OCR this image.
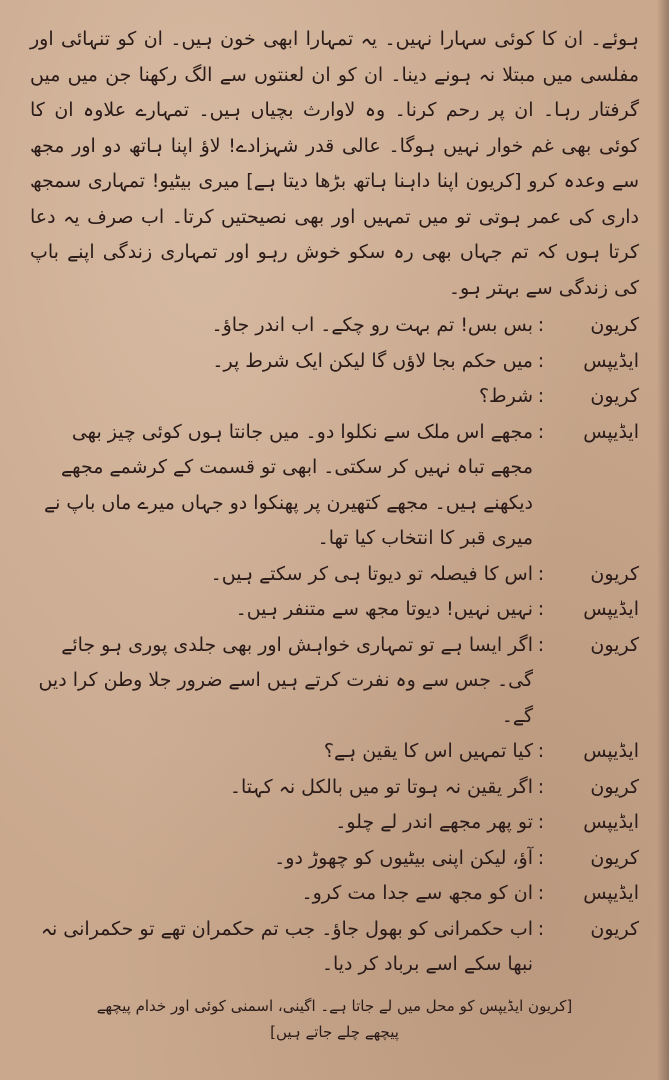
ہوئے۔ ان کا کوئی سہارا نہیں۔ یہ تمہارا ابھی خون ہیں۔ ان کو تنہائی اور مفلسی میں مبتلا نہ ہونے دینا۔ ان کو ان لعنتوں سے الگ رکھنا جن میں میں گرفتار رہا۔ ان پر رحم کرنا۔ وہ لاوارث بچیاں ہیں۔ تمہارے علاوہ ان کا کوئی بھی غم خوار نہیں ہوگا۔ عالی قدر شہزادے! لاؤ اپنا ہاتھ دو اور مجھ سے وعدہ کرو [کریون اپنا داہنا ہاتھ بڑھا دیتا ہے] میری بیٹیو! تمہاری سمجھ داری کی عمر ہوتی تو میں تمہیں اور بھی نصیحتیں کرتا۔ اب صرف یہ دعا کرتا ہوں کہ تم جہاں بھی رہ سکو خوش رہو اور تمہاری زندگی اپنے باپ کی زندگی سے بہتر ہو۔

کریون
:
بس بس! تم بہت رو چکے۔ اب اندر جاؤ۔
ایڈیپس
:
میں حکم بجا لاؤں گا لیکن ایک شرط پر۔
کریون
:
شرط؟
ایڈیپس
:
مجھے اس ملک سے نکلوا دو۔ میں جانتا ہوں کوئی چیز بھی مجھے تباہ نہیں کر سکتی۔ ابھی تو قسمت کے کرشمے مجھے دیکھنے ہیں۔ مجھے کتھیرن پر پھنکوا دو جہاں میرے ماں باپ نے میری قبر کا انتخاب کیا تھا۔
کریون
:
اس کا فیصلہ تو دیوتا ہی کر سکتے ہیں۔
ایڈیپس
:
نہیں نہیں! دیوتا مجھ سے متنفر ہیں۔
کریون
:
اگر ایسا ہے تو تمہاری خواہش اور بھی جلدی پوری ہو جائے گی۔ جس سے وہ نفرت کرتے ہیں اسے ضرور جلا وطن کرا دیں گے۔
ایڈیپس
:
کیا تمہیں اس کا یقین ہے؟
کریون
:
اگر یقین نہ ہوتا تو میں بالکل نہ کہتا۔
ایڈیپس
:
تو پھر مجھے اندر لے چلو۔
کریون
:
آؤ، لیکن اپنی بیٹیوں کو چھوڑ دو۔
ایڈیپس
:
ان کو مجھ سے جدا مت کرو۔
کریون
:
اب حکمرانی کو بھول جاؤ۔ جب تم حکمران تھے تو حکمرانی نہ نبھا سکے اسے برباد کر دیا۔
[کریون ایڈیپس کو محل میں لے جاتا ہے۔ اگینی، اسمنی کوئی اور خدام پیچھے پیچھے چلے جاتے ہیں]
